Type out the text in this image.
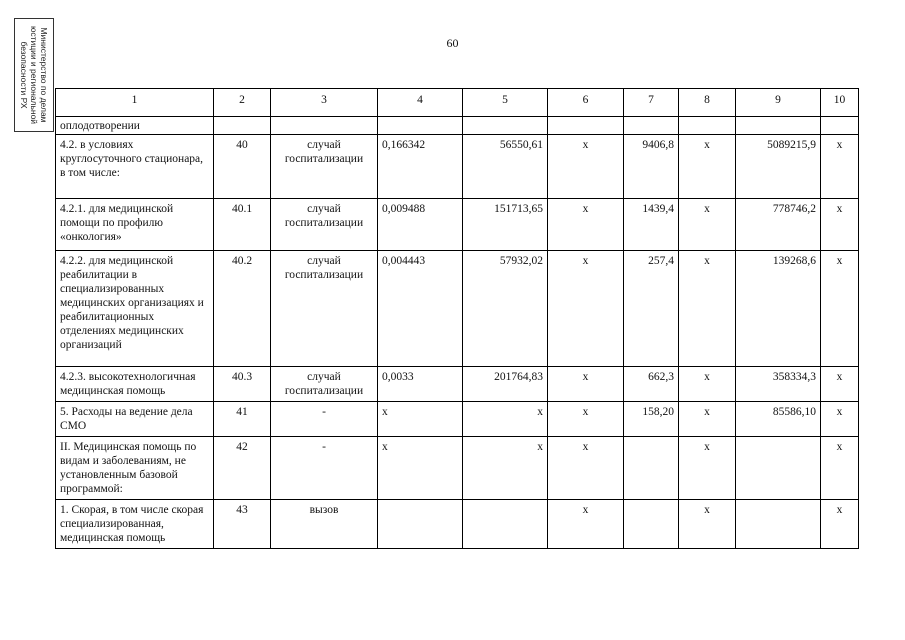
Министерство по делам
юстиции и региональной
безопасности РХ	60
1	2	3	4	5	6	7	8	9	10
оплодотворении									
4.2. в условиях круглосуточного стационара, в том числе:	40	случай госпитализации	0,166342	56550,61	х	9406,8	х	5089215,9	х
4.2.1. для медицинской помощи по профилю «онкология»	40.1	случай госпитализации	0,009488	151713,65	х	1439,4	х	778746,2	х
4.2.2. для медицинской реабилитации в специализированных медицинских организациях и реабилитационных отделениях медицинских организаций	40.2	случай госпитализации	0,004443	57932,02	х	257,4	х	139268,6	х
4.2.3. высокотехнологичная медицинская помощь	40.3	случай госпитализации	0,0033	201764,83	х	662,3	х	358334,3	х
5. Расходы на ведение дела СМО	41	-	х	х	х	158,20	х	85586,10	х
II. Медицинская помощь по видам и заболеваниям, не установленным базовой программой:	42	-	х	х	х		х		х
1. Скорая, в том числе скорая специализированная, медицинская помощь	43	вызов			х		х		х
